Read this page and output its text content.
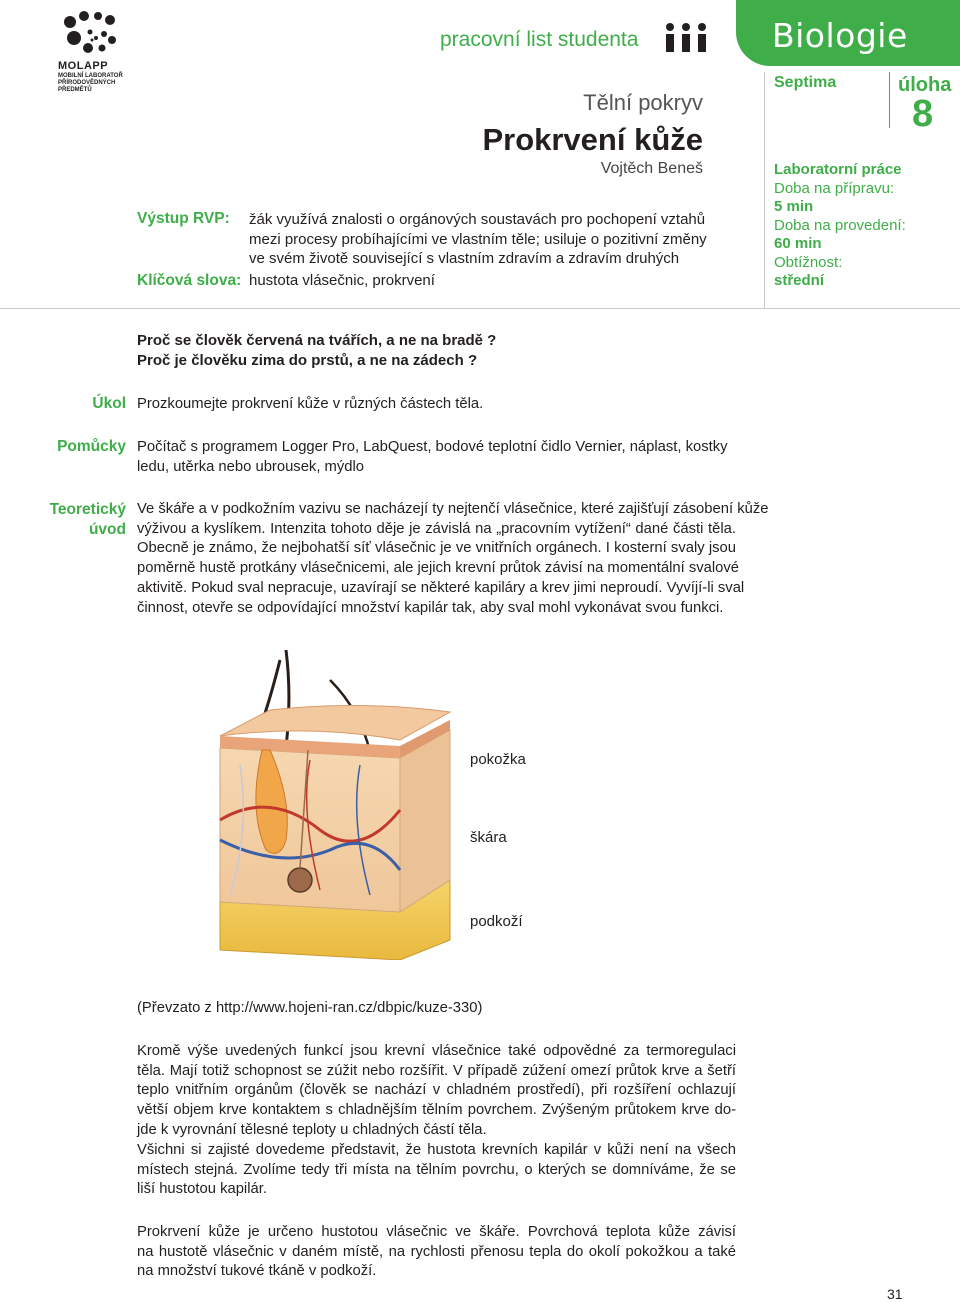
MOLAPP
MOBILNÍ LABORATOŘ
PŘÍRODOVĚDNÝCH
PŘEDMĚTŮ
pracovní list studenta	Biologie
Septima	úloha
8
Tělní pokryv
Prokrvení kůže
Vojtěch Beneš	Laboratorní práce
Doba na přípravu:
5 min
Doba na provedení:
60 min
Obtížnost:
střední
Výstup RVP: žák využívá znalosti o orgánových soustavách pro pochopení vztahů
mezi procesy probíhajícími ve vlastním těle; usiluje o pozitivní změny
ve svém životě související s vlastním zdravím a zdravím druhých
Klíčová slova: hustota vlásečnic, prokrvení
Proč se člověk červená na tvářích, a ne na bradě ?
Proč je člověku zima do prstů, a ne na zádech ?
Úkol Prozkoumejte prokrvení kůže v různých částech těla.
Pomůcky Počítač s programem Logger Pro, LabQuest, bodové teplotní čidlo Vernier, náplast, kostky
ledu, utěrka nebo ubrousek, mýdlo
Teoretický
úvod
Ve škáře a v podkožním vazivu se nacházejí ty nejtenčí vlásečnice, které zajišťují zásobení kůže
výživou a kyslíkem. Intenzita tohoto děje je závislá na „pracovním vytížení“ dané části těla.
Obecně je známo, že nejbohatší síť vlásečnic je ve vnitřních orgánech. I kosterní svaly jsou
poměrně hustě protkány vlásečnicemi, ale jejich krevní průtok závisí na momentální svalové
aktivitě. Pokud sval nepracuje, uzavírají se některé kapiláry a krev jimi neproudí. Vyvíjí-li sval
činnost, otevře se odpovídající množství kapilár tak, aby sval mohl vykonávat svou funkci.
pokožka
škára
podkoží
(Převzato z http://www.hojeni-ran.cz/dbpic/kuze-330)
Kromě výše uvedených funkcí jsou krevní vlásečnice také odpovědné za termoregulaci
těla. Mají totiž schopnost se zúžit nebo rozšířit. V případě zúžení omezí průtok krve a šetří
teplo vnitřním orgánům (člověk se nachází v chladném prostředí), při rozšíření ochlazují
větší objem krve kontaktem s chladnějším tělním povrchem. Zvýšeným průtokem krve do-
jde k vyrovnání tělesné teploty u chladných částí těla.
Všichni si zajisté dovedeme představit, že hustota krevních kapilár v kůži není na všech
místech stejná. Zvolíme tedy tři místa na tělním povrchu, o kterých se domníváme, že se
liší hustotou kapilár.
Prokrvení kůže je určeno hustotou vlásečnic ve škáře. Povrchová teplota kůže závisí
na hustotě vlásečnic v daném místě, na rychlosti přenosu tepla do okolí pokožkou a také
na množství tukové tkáně v podkoží.
31
